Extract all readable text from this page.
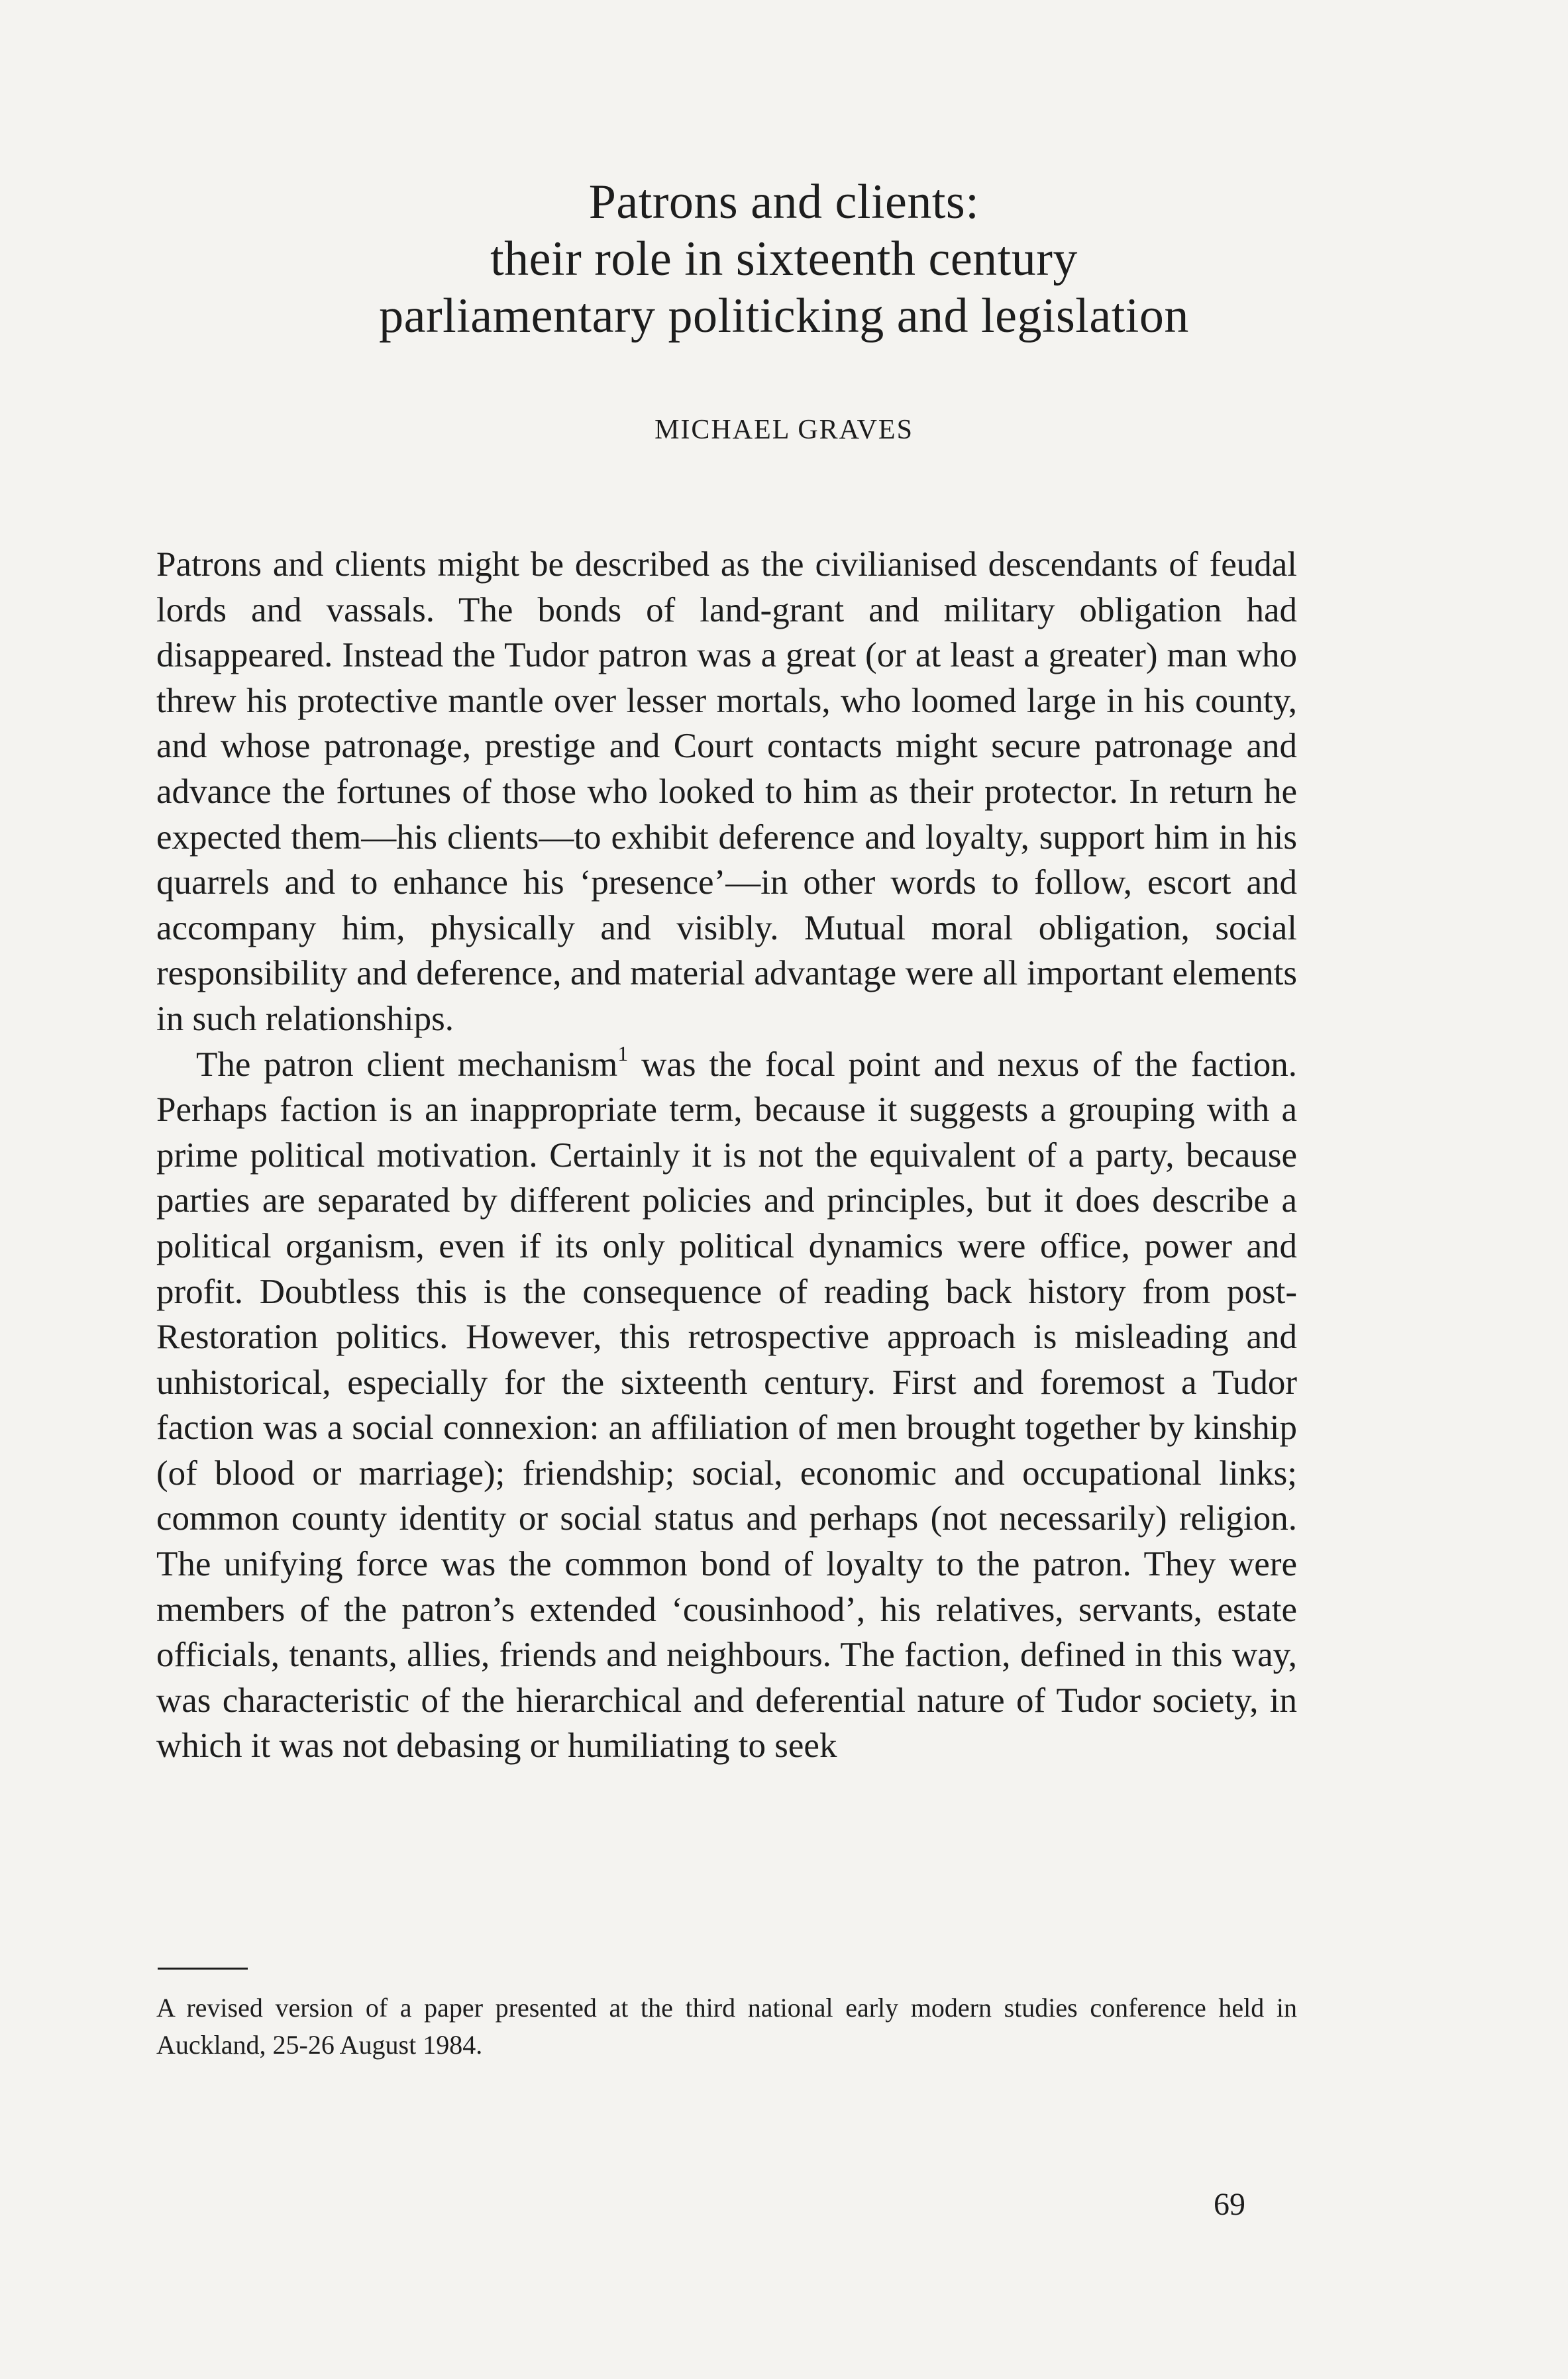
Patrons and clients:
their role in sixteenth century
parliamentary politicking and legislation
MICHAEL GRAVES

Patrons and clients might be described as the civilianised descendants of feudal lords and vassals. The bonds of land-grant and military obligation had disappeared. Instead the Tudor patron was a great (or at least a greater) man who threw his protective mantle over lesser mortals, who loomed large in his county, and whose patronage, prestige and Court contacts might secure patronage and advance the fortunes of those who looked to him as their protector. In return he expected them—his clients—to exhibit deference and loyalty, support him in his quarrels and to enhance his ‘presence’—in other words to follow, escort and accompany him, physically and visibly. Mutual moral obligation, social responsibility and deference, and material advantage were all important elements in such relationships.

The patron client mechanism$^1$ was the focal point and nexus of the faction. Perhaps faction is an inappropriate term, because it suggests a grouping with a prime political motivation. Certainly it is not the equivalent of a party, because parties are separated by different policies and principles, but it does describe a political organism, even if its only political dynamics were office, power and profit. Doubtless this is the consequence of reading back history from post-Restoration politics. However, this retrospective approach is misleading and unhistorical, especially for the sixteenth century. First and foremost a Tudor faction was a social connexion: an affiliation of men brought together by kinship (of blood or marriage); friendship; social, economic and occupational links; common county identity or social status and perhaps (not necessarily) religion. The unifying force was the common bond of loyalty to the patron. They were members of the patron’s extended ‘cousinhood’, his relatives, servants, estate officials, tenants, allies, friends and neighbours. The faction, defined in this way, was characteristic of the hierarchical and deferential nature of Tudor society, in which it was not debasing or humiliating to seek

A revised version of a paper presented at the third national early modern studies conference held in Auckland, 25-26 August 1984.
69
